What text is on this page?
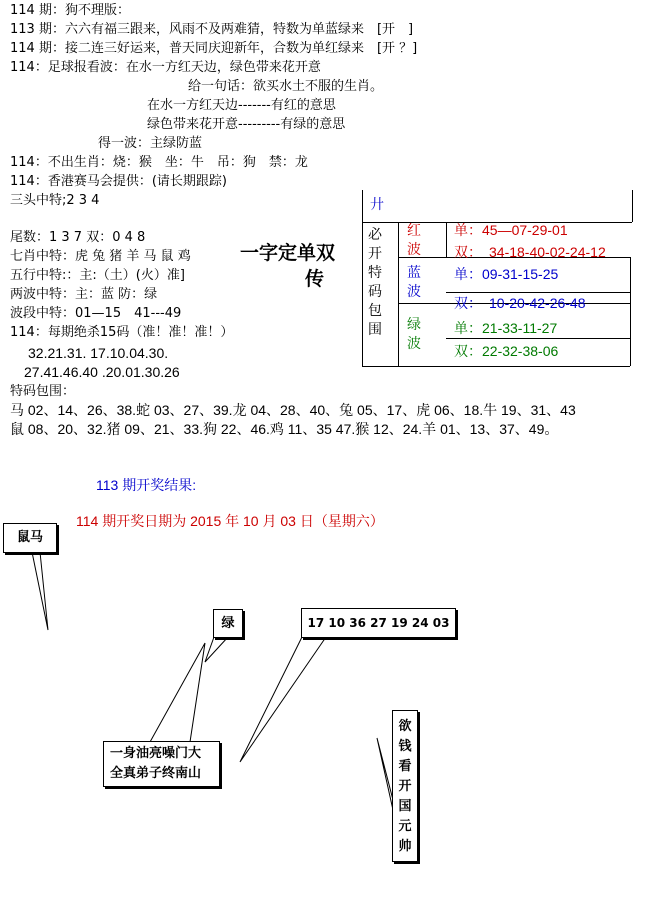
114 期：狗不理版：
113 期：六六有福三跟来，风雨不及两难猜，特数为单蓝绿来　[开　]
114 期：接二连三好运来，普天同庆迎新年，合数为单红绿来　[开 ？]
114：足球报看波：在水一方红天边，绿色带来花开意
给一句话：欲买水土不服的生肖。
在水一方红天边-------有红的意思
绿色带来花开意---------有绿的意思
得一波：主绿防蓝
114：不出生肖：烧：猴　坐：牛　吊：狗　禁：龙
114：香港赛马会提供：(请长期跟踪)
三头中特;2 3 4
尾数：1 3 7 双：0 4 8
七肖中特：虎 兔 猪 羊 马 鼠 鸡
五行中特:：主:（土）(火）准]
两波中特：主：蓝 防：绿
波段中特：01—15　41---49
114：每期绝杀15码（准！准！准！）
32.21.31. 17.10.04.30.
27.41.46.40 .20.01.30.26
一字定单双
传
特码包围：
马 02、14、26、38.蛇 03、27、39.龙 04、28、40、兔 05、17、虎 06、18.牛 19、31、43
鼠 08、20、32.猪 09、21、33.狗 22、46.鸡 11、35 47.猴 12、24.羊 01、13、37、49。
廾
必
开
特
码
包
围
红
波
蓝
波
绿
波
单：45—07-29-01
双：　34-18-40-02-24-12
单：09-31-15-25
双：　10-20-42-26-48
单：21-33-11-27
双：22-32-38-06
113 期开奖结果:
114 期开奖日期为 2015 年 10 月 03 日（星期六）
鼠马
绿	17 10 36 27 19 24 03
一身油亮噪门大
全真弟子终南山
欲
钱
看
开
国
元
帅
